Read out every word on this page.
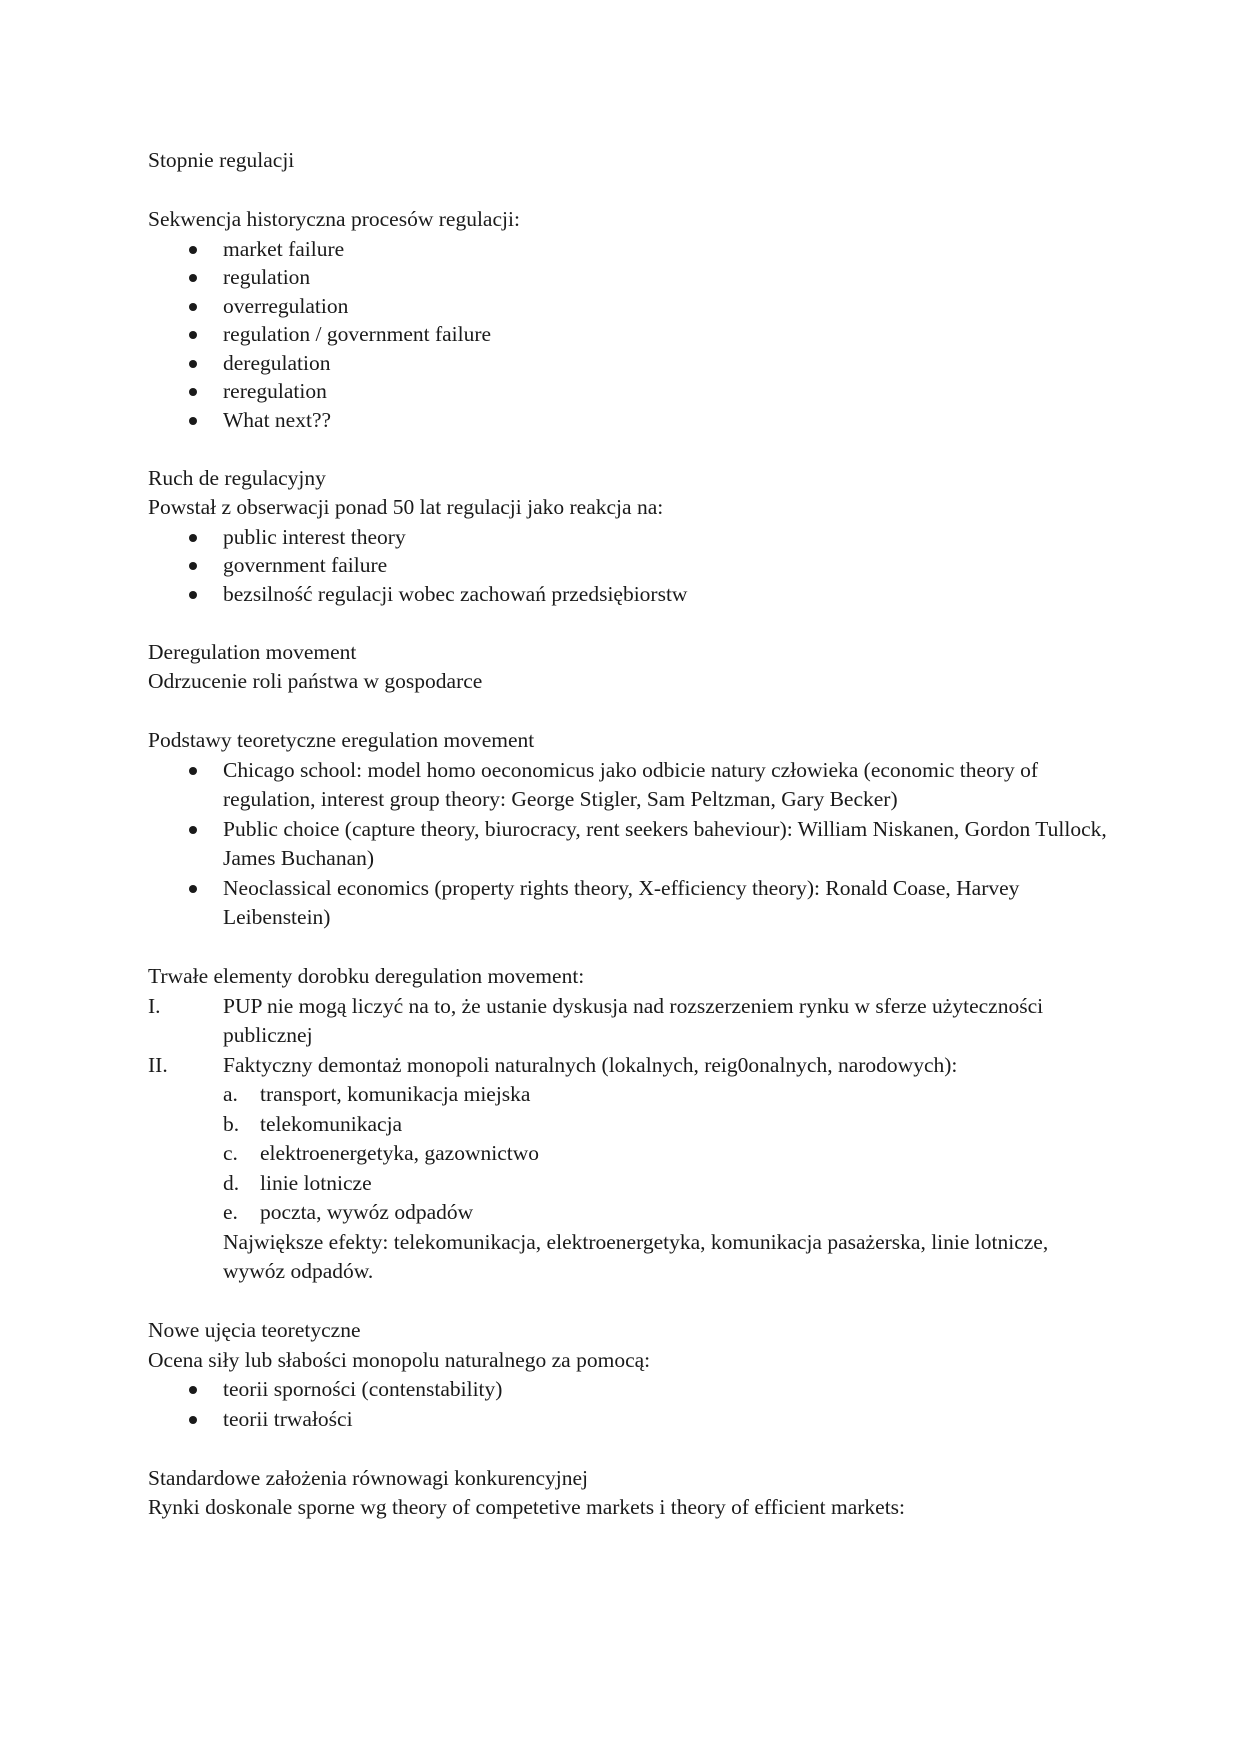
Stopnie regulacji

Sekwencja historyczna procesów regulacji:

market failure
regulation
overregulation
regulation / government failure
deregulation
reregulation
What next??

Ruch de regulacyjny

Powstał z obserwacji ponad 50 lat regulacji jako reakcja na:

public interest theory
government failure
bezsilność regulacji wobec zachowań przedsiębiorstw

Deregulation movement

Odrzucenie roli państwa w gospodarce

Podstawy teoretyczne eregulation movement

Chicago school: model homo oeconomicus jako odbicie natury człowieka (economic theory of regulation, interest group theory: George Stigler, Sam Peltzman, Gary Becker)
Public choice (capture theory, biurocracy, rent seekers baheviour): William Niskanen, Gordon Tullock, James Buchanan)
Neoclassical economics (property rights theory, X-efficiency theory): Ronald Coase, Harvey Leibenstein)

Trwałe elementy dorobku deregulation movement:

I.	PUP nie mogą liczyć na to, że ustanie dyskusja nad rozszerzeniem rynku w sferze użyteczności publicznej
II.	Faktyczny demontaż monopoli naturalnych (lokalnych, reig0onalnych, narodowych):
a. transport, komunikacja miejska
b. telekomunikacja
c. elektroenergetyka, gazownictwo
d. linie lotnicze
e. poczta, wywóz odpadów

Największe efekty: telekomunikacja, elektroenergetyka, komunikacja pasażerska, linie lotnicze, wywóz odpadów.

Nowe ujęcia teoretyczne

Ocena siły lub słabości monopolu naturalnego za pomocą:

teorii sporności (contenstability)
teorii trwałości

Standardowe założenia równowagi konkurencyjnej

Rynki doskonale sporne wg theory of competetive markets i theory of efficient markets:
